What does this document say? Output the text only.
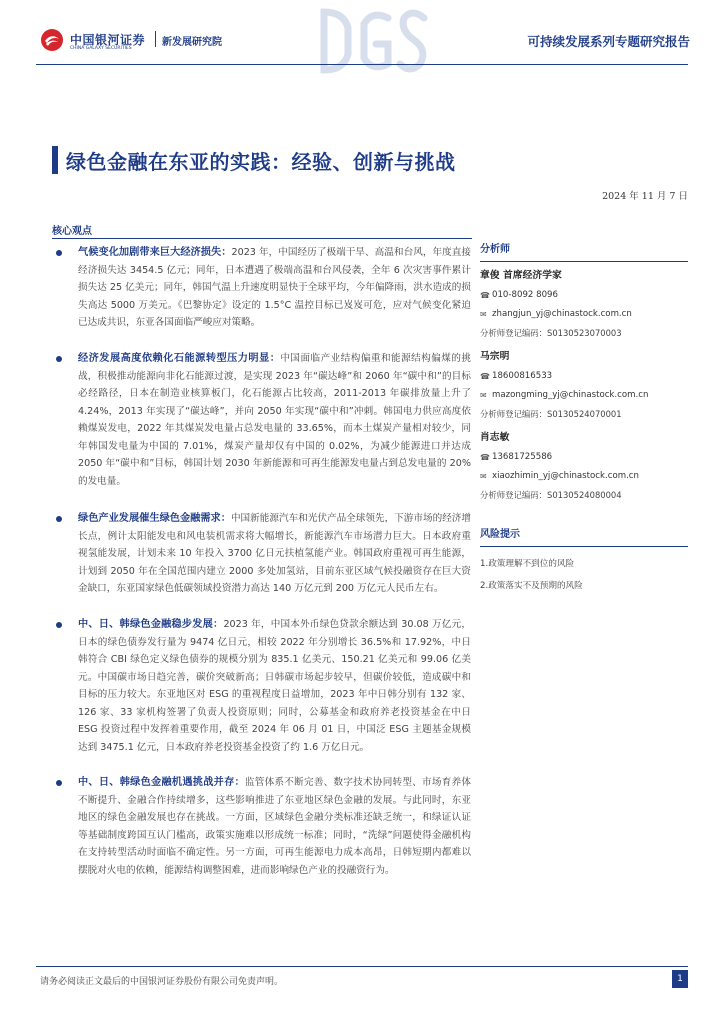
中国银河证券
CHINA GALAXY SECURITIES
新发展研究院	可持续发展系列专题研究报告
绿色金融在东亚的实践：经验、创新与挑战
2024 年 11 月 7 日
核心观点
气候变化加剧带来巨大经济损失：2023 年，中国经历了极端干旱、高温和台风，年度直接经济损失达 3454.5 亿元；同年，日本遭遇了极端高温和台风侵袭，全年 6 次灾害事件累计损失达 25 亿美元；同年，韩国气温上升速度明显快于全球平均，今年偏降雨，洪水造成的损失高达 5000 万美元。《巴黎协定》设定的 1.5°C 温控目标已岌岌可危，应对气候变化紧迫已达成共识，东亚各国面临严峻应对策略。
经济发展高度依赖化石能源转型压力明显：中国面临产业结构偏重和能源结构偏煤的挑战，积极推动能源向非化石能源过渡，是实现 2023 年“碳达峰”和 2060 年“碳中和”的目标必经路径，日本在制造业核算板门，化石能源占比较高，2011-2013 年碳排放量上升了 4.24%，2013 年实现了“碳达峰”，并向 2050 年实现“碳中和”冲刺。韩国电力供应高度依赖煤炭发电，2022 年其煤炭发电量占总发电量的 33.65%，而本土煤炭产量相对较少，同年韩国发电量为中国的 7.01%，煤炭产量却仅有中国的 0.02%，为减少能源进口并达成 2050 年“碳中和”目标，韩国计划 2030 年新能源和可再生能源发电量占到总发电量的 20%的发电量。
绿色产业发展催生绿色金融需求：中国新能源汽车和光伏产品全球领先，下游市场的经济增长点，例计太阳能发电和风电装机需求将大幅增长，新能源汽车市场潜力巨大。日本政府重视氢能发展，计划未来 10 年投入 3700 亿日元扶植氢能产业。韩国政府重视可再生能源，计划到 2050 年在全国范围内建立 2000 多处加氢站，目前东亚区域气候投融资存在巨大资金缺口，东亚国家绿色低碳领域投资潜力高达 140 万亿元到 200 万亿元人民币左右。
中、日、韩绿色金融稳步发展：2023 年，中国本外币绿色贷款余额达到 30.08 万亿元，日本的绿色债券发行量为 9474 亿日元，相较 2022 年分别增长 36.5%和 17.92%，中日韩符合 CBI 绿色定义绿色债券的规模分别为 835.1 亿美元、150.21 亿美元和 99.06 亿美元。中国碳市场日趋完善，碳价突破新高；日韩碳市场起步较早，但碳价较低，造成碳中和目标的压力较大。东亚地区对 ESG 的重视程度日益增加，2023 年中日韩分别有 132 家、126 家、33 家机构签署了负责人投资原则；同时，公募基金和政府养老投资基金在中日 ESG 投资过程中发挥着重要作用，截至 2024 年 06 月 01 日，中国泛 ESG 主题基金规模达到 3475.1 亿元，日本政府养老投资基金投资了约 1.6 万亿日元。
中、日、韩绿色金融机遇挑战并存：监管体系不断完善、数字技术协同转型、市场育养体不断提升、金融合作持续增多，这些影响推进了东亚地区绿色金融的发展。与此同时，东亚地区的绿色金融发展也存在挑战。一方面，区域绿色金融分类标准还缺乏统一，和绿证认证等基础制度跨国互认门槛高，政策实施难以形成统一标准；同时，“洗绿”问题使得金融机构在支持转型活动时面临不确定性。另一方面，可再生能源电力成本高昂，日韩短期内都难以摆脱对火电的依赖，能源结构调整困难，进而影响绿色产业的投融资行为。
分析师
章俊 首席经济学家
☎ 010-8092 8096
✉ zhangjun_yj@chinastock.com.cn
分析师登记编码：S0130523070003
马宗明
☎ 18600816533
✉ mazongming_yj@chinastock.com.cn
分析师登记编码：S0130524070001
肖志敏
☎ 13681725586
✉ xiaozhimin_yj@chinastock.com.cn
分析师登记编码：S0130524080004
风险提示
1.政策理解不到位的风险
2.政策落实不及预期的风险
请务必阅读正文最后的中国银河证券股份有限公司免责声明。	1
